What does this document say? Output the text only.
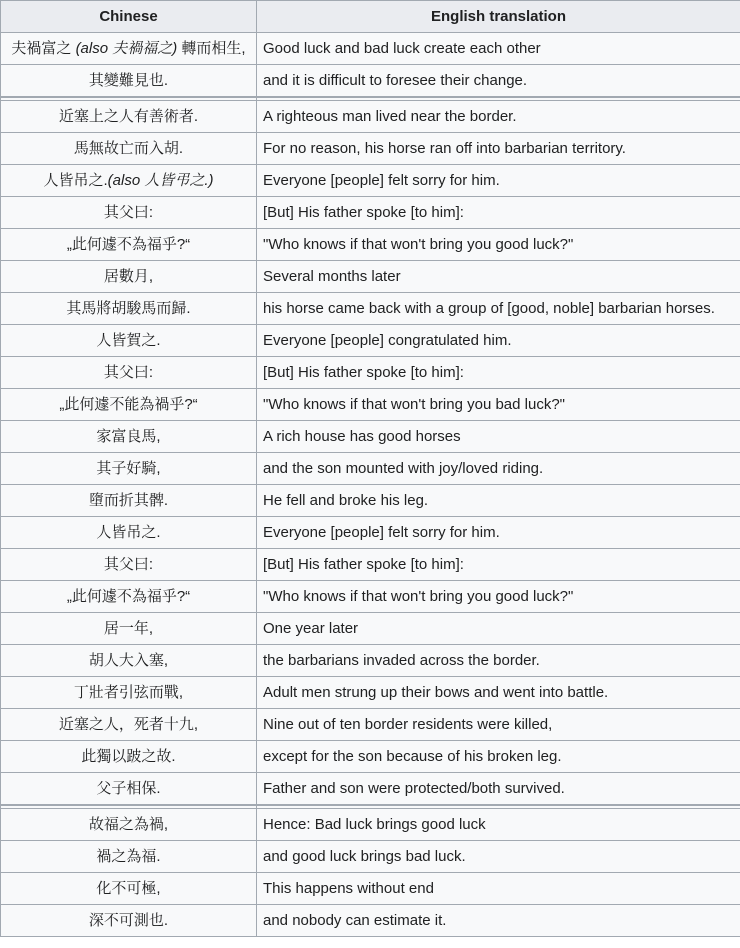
Chinese	English translation
夫禍富之 (also 夫禍福之) 轉而相生,	Good luck and bad luck create each other
其變難見也.	and it is difficult to foresee their change.

近塞上之人有善術者.	A righteous man lived near the border.
馬無故亡而入胡.	For no reason, his horse ran off into barbarian territory.
人皆吊之.(also 人皆弔之.)	Everyone [people] felt sorry for him.
其父曰:	[But] His father spoke [to him]:
„此何遽不為福乎?“	"Who knows if that won't bring you good luck?"
居數月,	Several months later
其馬將胡駿馬而歸.	his horse came back with a group of [good, noble] barbarian horses.
人皆賀之.	Everyone [people] congratulated him.
其父曰:	[But] His father spoke [to him]:
„此何遽不能為禍乎?“	"Who knows if that won't bring you bad luck?"
家富良馬,	A rich house has good horses
其子好騎,	and the son mounted with joy/loved riding.
墮而折其髀.	He fell and broke his leg.
人皆吊之.	Everyone [people] felt sorry for him.
其父曰:	[But] His father spoke [to him]:
„此何遽不為福乎?“	"Who knows if that won't bring you good luck?"
居一年,	One year later
胡人大入塞,	the barbarians invaded across the border.
丁壯者引弦而戰,	Adult men strung up their bows and went into battle.
近塞之人，死者十九,	Nine out of ten border residents were killed,
此獨以跛之故.	except for the son because of his broken leg.
父子相保.	Father and son were protected/both survived.

故福之為禍,	Hence: Bad luck brings good luck
禍之為福.	and good luck brings bad luck.
化不可極,	This happens without end
深不可測也.	and nobody can estimate it.
